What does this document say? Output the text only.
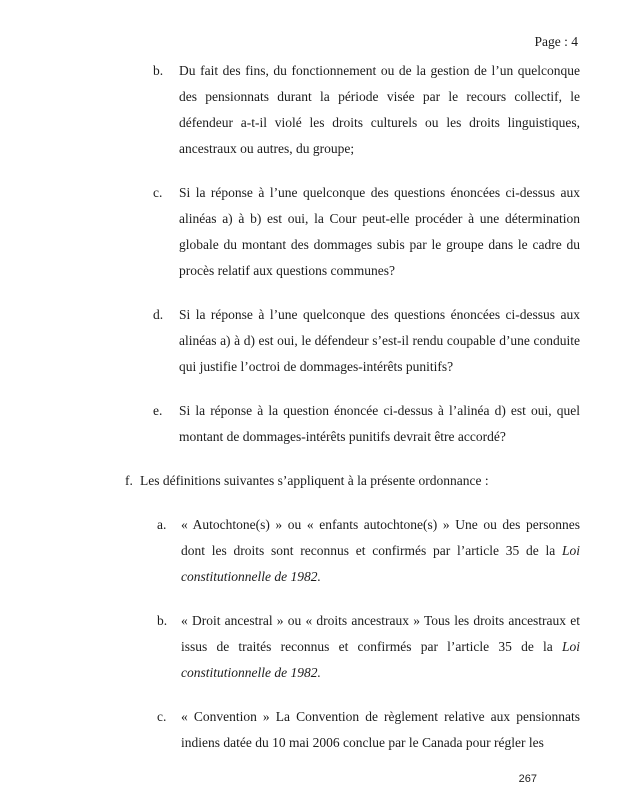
Page : 4
b.	Du fait des fins, du fonctionnement ou de la gestion de l’un quelconque des pensionnats durant la période visée par le recours collectif, le défendeur a-t-il violé les droits culturels ou les droits linguistiques, ancestraux ou autres, du groupe;
c.	Si la réponse à l’une quelconque des questions énoncées ci-dessus aux alinéas a) à b) est oui, la Cour peut-elle procéder à une détermination globale du montant des dommages subis par le groupe dans le cadre du procès relatif aux questions communes?
d.	Si la réponse à l’une quelconque des questions énoncées ci-dessus aux alinéas a) à d) est oui, le défendeur s’est-il rendu coupable d’une conduite qui justifie l’octroi de dommages-intérêts punitifs?
e.	Si la réponse à la question énoncée ci-dessus à l’alinéa d) est oui, quel montant de dommages-intérêts punitifs devrait être accordé?
f. Les définitions suivantes s’appliquent à la présente ordonnance :
a.	« Autochtone(s) » ou « enfants autochtone(s) » Une ou des personnes dont les droits sont reconnus et confirmés par l’article 35 de la Loi constitutionnelle de 1982.
b.	« Droit ancestral » ou « droits ancestraux » Tous les droits ancestraux et issus de traités reconnus et confirmés par l’article 35 de la Loi constitutionnelle de 1982.
c.	« Convention » La Convention de règlement relative aux pensionnats indiens datée du 10 mai 2006 conclue par le Canada pour régler les
267
